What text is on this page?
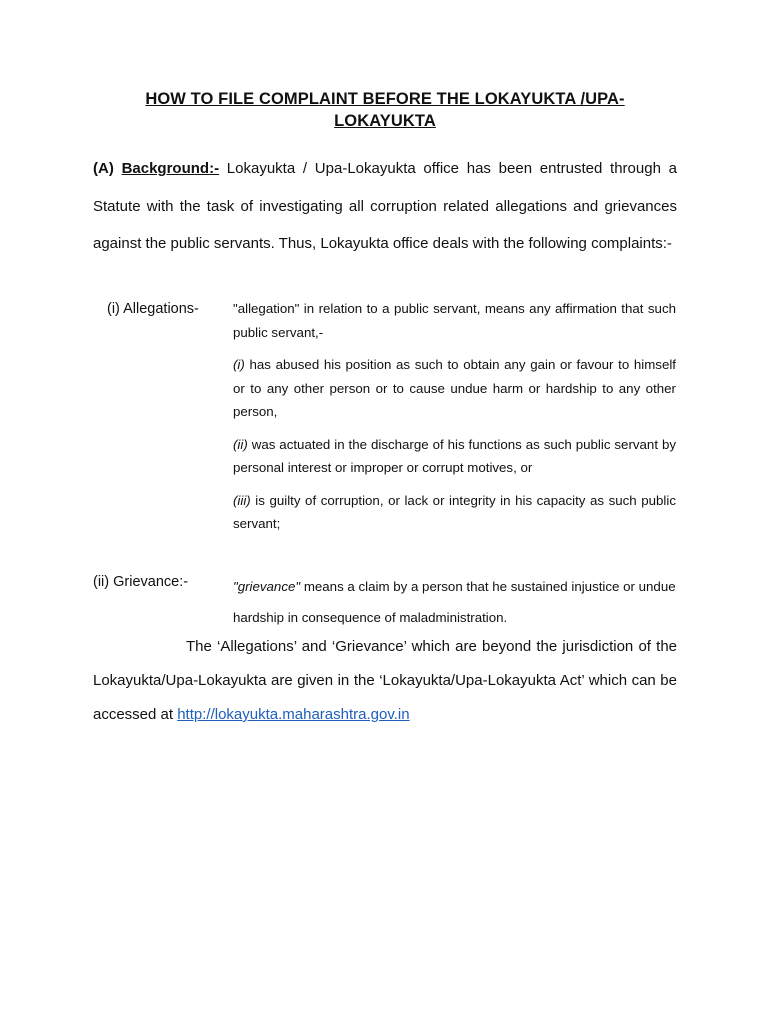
HOW TO FILE COMPLAINT BEFORE THE LOKAYUKTA /UPA-
LOKAYUKTA
(A) Background:- Lokayukta / Upa-Lokayukta office has been entrusted through a Statute with the task of investigating all corruption related allegations and grievances against the public servants. Thus, Lokayukta office deals with the following complaints:-
(i) Allegations-	"allegation" in relation to a public servant, means any affirmation that such public servant,-

(i) has abused his position as such to obtain any gain or favour to himself or to any other person or to cause undue harm or hardship to any other person,

(ii) was actuated in the discharge of his functions as such public servant by personal interest or improper or corrupt motives, or

(iii) is guilty of corruption, or lack or integrity in his capacity as such public servant;

(ii) Grievance:-	"grievance" means a claim by a person that he sustained injustice or undue hardship in consequence of maladministration.
The ‘Allegations’ and ‘Grievance’ which are beyond the jurisdiction of the Lokayukta/Upa-Lokayukta are given in the ‘Lokayukta/Upa-Lokayukta Act’ which can be accessed at http://lokayukta.maharashtra.gov.in
